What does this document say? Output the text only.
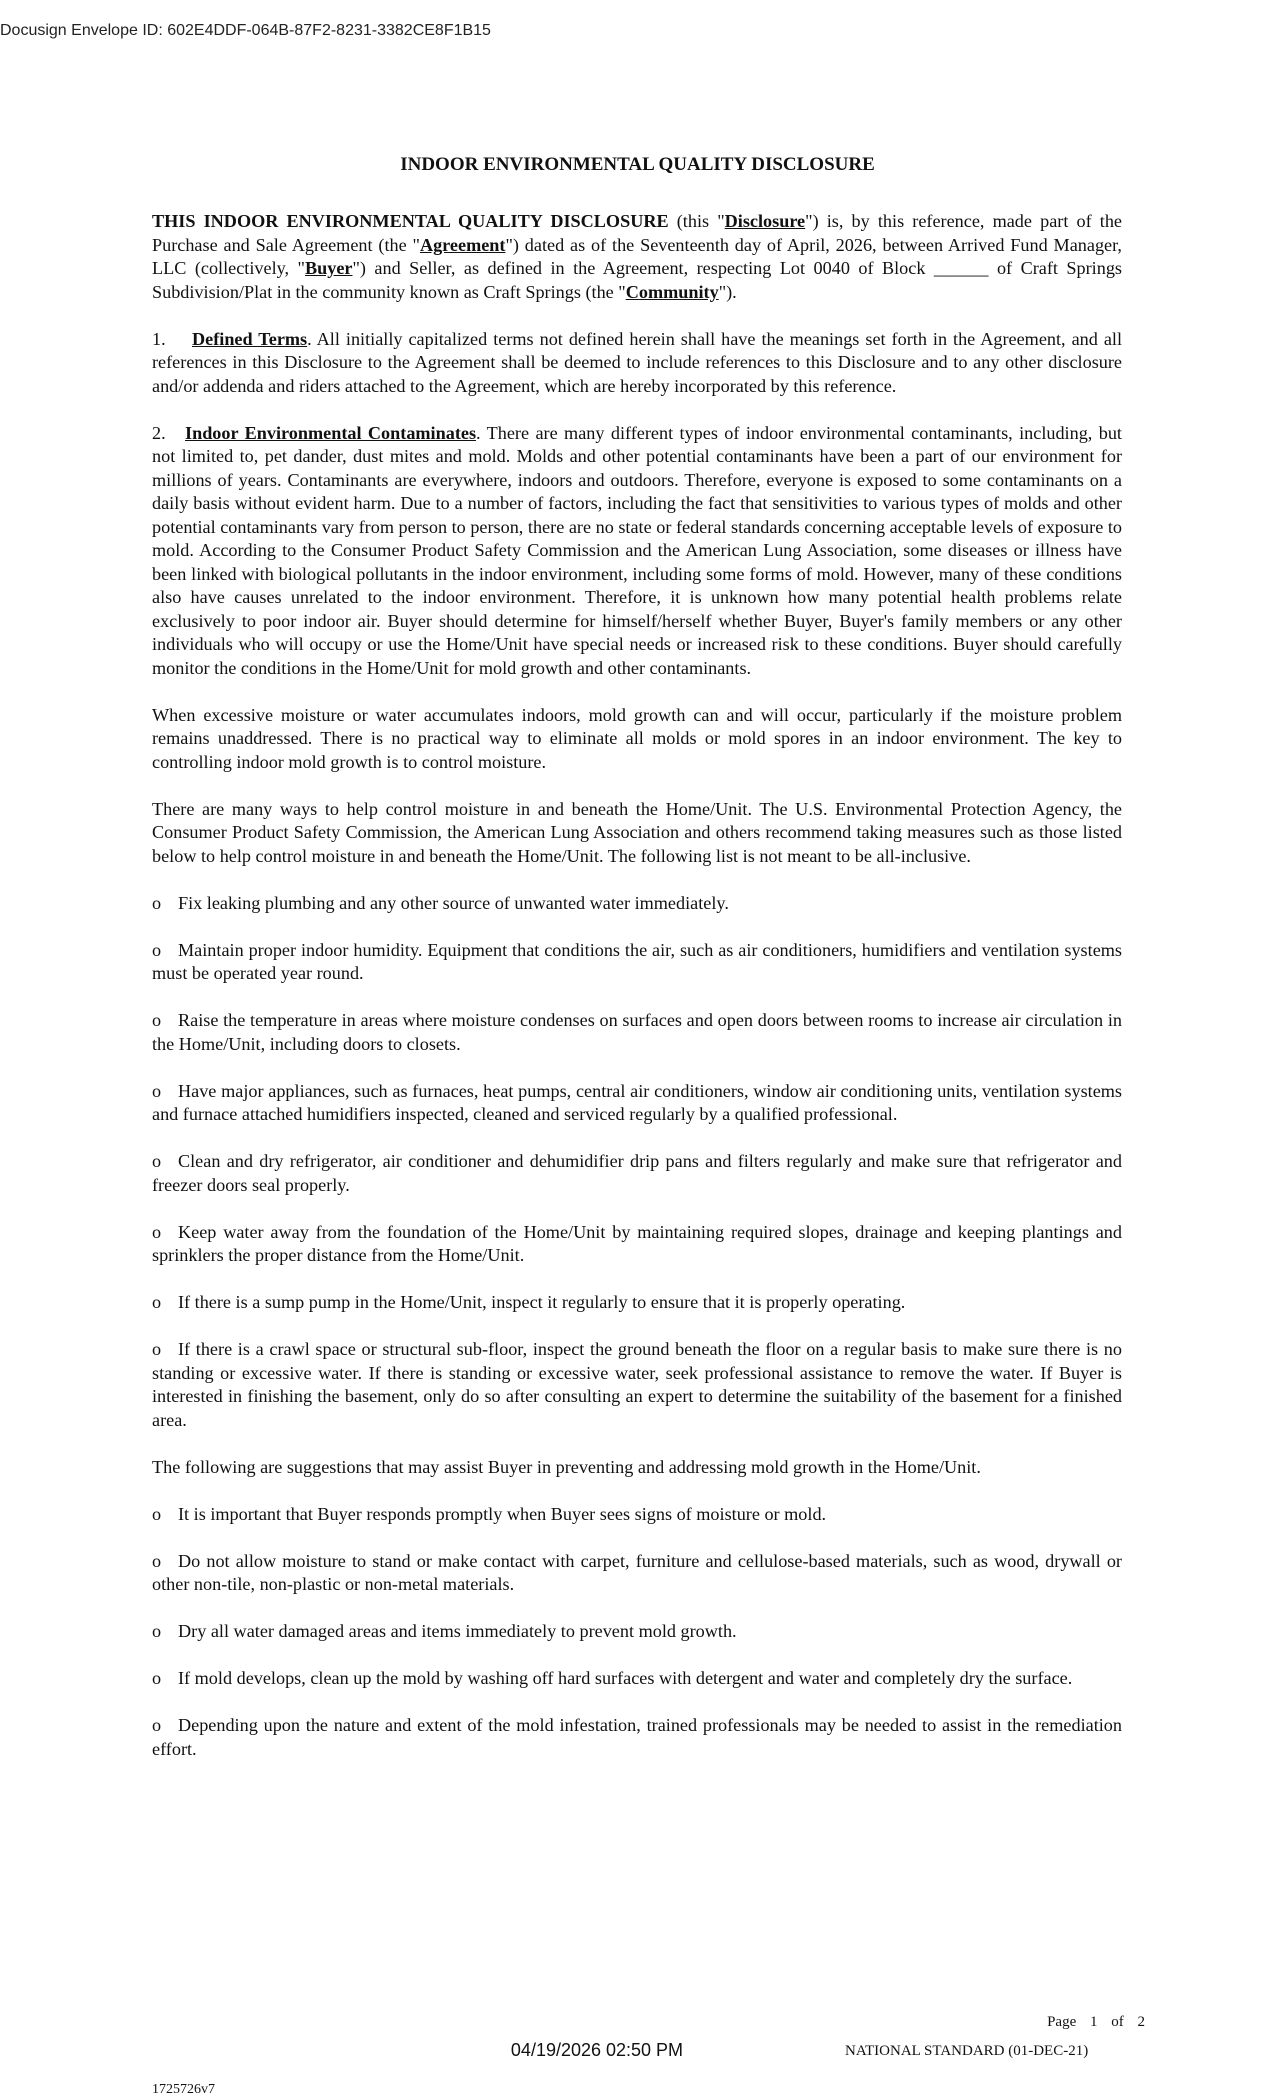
Docusign Envelope ID: 602E4DDF-064B-87F2-8231-3382CE8F1B15
INDOOR ENVIRONMENTAL QUALITY DISCLOSURE

THIS INDOOR ENVIRONMENTAL QUALITY DISCLOSURE (this "Disclosure") is, by this reference, made part of the Purchase and Sale Agreement (the "Agreement") dated as of the Seventeenth day of April, 2026, between Arrived Fund Manager, LLC (collectively, "Buyer") and Seller, as defined in the Agreement, respecting Lot 0040 of Block ______ of Craft Springs Subdivision/Plat in the community known as Craft Springs (the "Community").

1. Defined Terms. All initially capitalized terms not defined herein shall have the meanings set forth in the Agreement, and all references in this Disclosure to the Agreement shall be deemed to include references to this Disclosure and to any other disclosure and/or addenda and riders attached to the Agreement, which are hereby incorporated by this reference.

2. Indoor Environmental Contaminates. There are many different types of indoor environmental contaminants, including, but not limited to, pet dander, dust mites and mold. Molds and other potential contaminants have been a part of our environment for millions of years. Contaminants are everywhere, indoors and outdoors. Therefore, everyone is exposed to some contaminants on a daily basis without evident harm. Due to a number of factors, including the fact that sensitivities to various types of molds and other potential contaminants vary from person to person, there are no state or federal standards concerning acceptable levels of exposure to mold. According to the Consumer Product Safety Commission and the American Lung Association, some diseases or illness have been linked with biological pollutants in the indoor environment, including some forms of mold. However, many of these conditions also have causes unrelated to the indoor environment. Therefore, it is unknown how many potential health problems relate exclusively to poor indoor air. Buyer should determine for himself/herself whether Buyer, Buyer's family members or any other individuals who will occupy or use the Home/Unit have special needs or increased risk to these conditions. Buyer should carefully monitor the conditions in the Home/Unit for mold growth and other contaminants.

When excessive moisture or water accumulates indoors, mold growth can and will occur, particularly if the moisture problem remains unaddressed. There is no practical way to eliminate all molds or mold spores in an indoor environment. The key to controlling indoor mold growth is to control moisture.

There are many ways to help control moisture in and beneath the Home/Unit. The U.S. Environmental Protection Agency, the Consumer Product Safety Commission, the American Lung Association and others recommend taking measures such as those listed below to help control moisture in and beneath the Home/Unit. The following list is not meant to be all-inclusive.

o Fix leaking plumbing and any other source of unwanted water immediately.

o Maintain proper indoor humidity. Equipment that conditions the air, such as air conditioners, humidifiers and ventilation systems must be operated year round.

o Raise the temperature in areas where moisture condenses on surfaces and open doors between rooms to increase air circulation in the Home/Unit, including doors to closets.

o Have major appliances, such as furnaces, heat pumps, central air conditioners, window air conditioning units, ventilation systems and furnace attached humidifiers inspected, cleaned and serviced regularly by a qualified professional.

o Clean and dry refrigerator, air conditioner and dehumidifier drip pans and filters regularly and make sure that refrigerator and freezer doors seal properly.

o Keep water away from the foundation of the Home/Unit by maintaining required slopes, drainage and keeping plantings and sprinklers the proper distance from the Home/Unit.

o If there is a sump pump in the Home/Unit, inspect it regularly to ensure that it is properly operating.

o If there is a crawl space or structural sub-floor, inspect the ground beneath the floor on a regular basis to make sure there is no standing or excessive water. If there is standing or excessive water, seek professional assistance to remove the water. If Buyer is interested in finishing the basement, only do so after consulting an expert to determine the suitability of the basement for a finished area.

The following are suggestions that may assist Buyer in preventing and addressing mold growth in the Home/Unit.

o It is important that Buyer responds promptly when Buyer sees signs of moisture or mold.

o Do not allow moisture to stand or make contact with carpet, furniture and cellulose-based materials, such as wood, drywall or other non-tile, non-plastic or non-metal materials.

o Dry all water damaged areas and items immediately to prevent mold growth.

o If mold develops, clean up the mold by washing off hard surfaces with detergent and water and completely dry the surface.

o Depending upon the nature and extent of the mold infestation, trained professionals may be needed to assist in the remediation effort.

Page 1 of 2
04/19/2026 02:50 PM	NATIONAL STANDARD (01-DEC-21)
1725726v7
